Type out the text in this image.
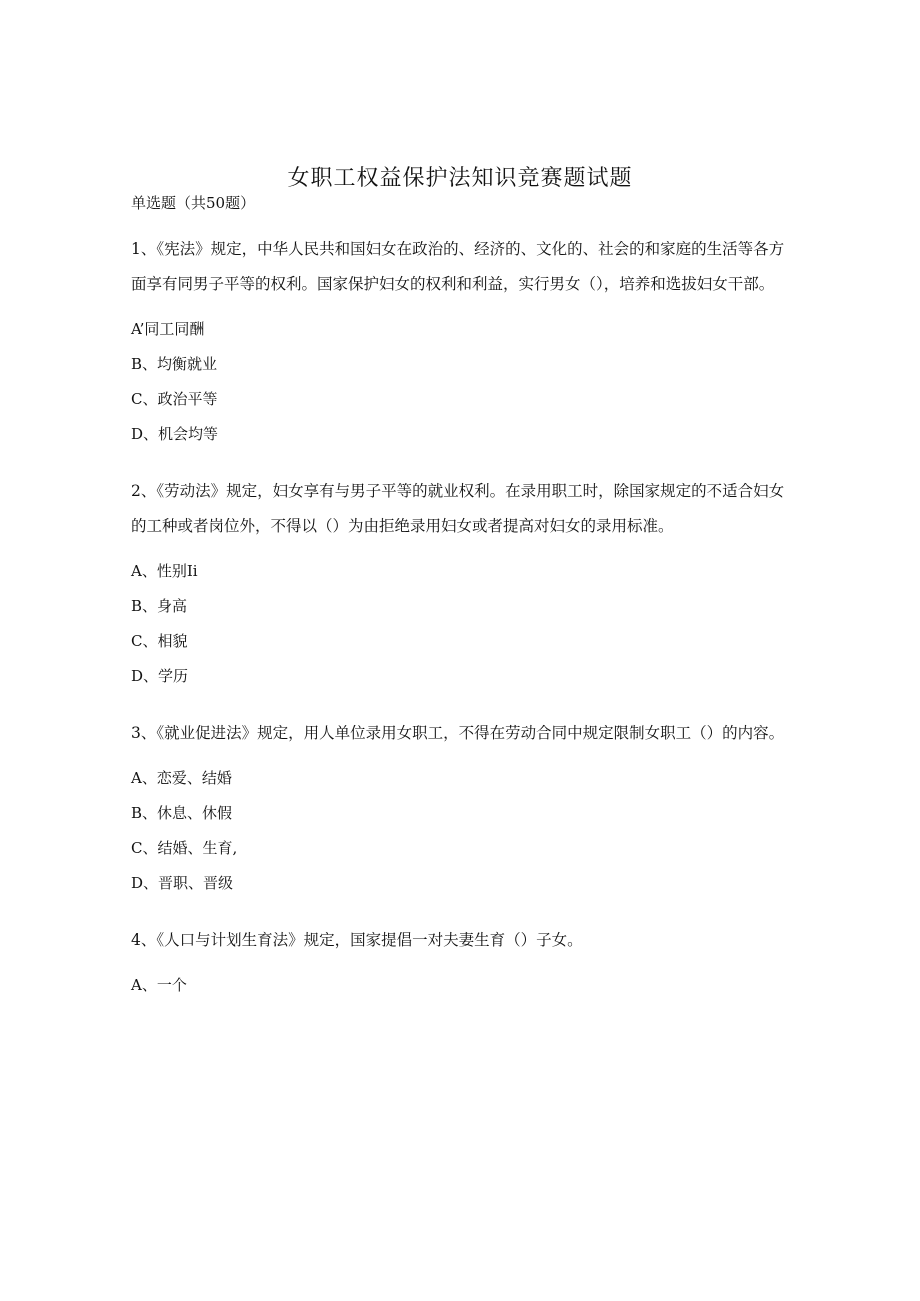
女职工权益保护法知识竞赛题试题

单选题（共50题）

1、《宪法》规定，中华人民共和国妇女在政治的、经济的、文化的、社会的和家庭的生活等各方面享有同男子平等的权利。国家保护妇女的权利和利益，实行男女（），培养和选拔妇女干部。

A’同工同酬

B、均衡就业

C、政治平等

D、机会均等

2、《劳动法》规定，妇女享有与男子平等的就业权利。在录用职工时，除国家规定的不适合妇女的工种或者岗位外，不得以（）为由拒绝录用妇女或者提高对妇女的录用标准。

A、性别Ii

B、身高

C、相貌

D、学历

3、《就业促进法》规定，用人单位录用女职工，不得在劳动合同中规定限制女职工（）的内容。

A、恋爱、结婚

B、休息、休假

C、结婚、生育,

D、晋职、晋级

4、《人口与计划生育法》规定，国家提倡一对夫妻生育（）子女。

A、一个
